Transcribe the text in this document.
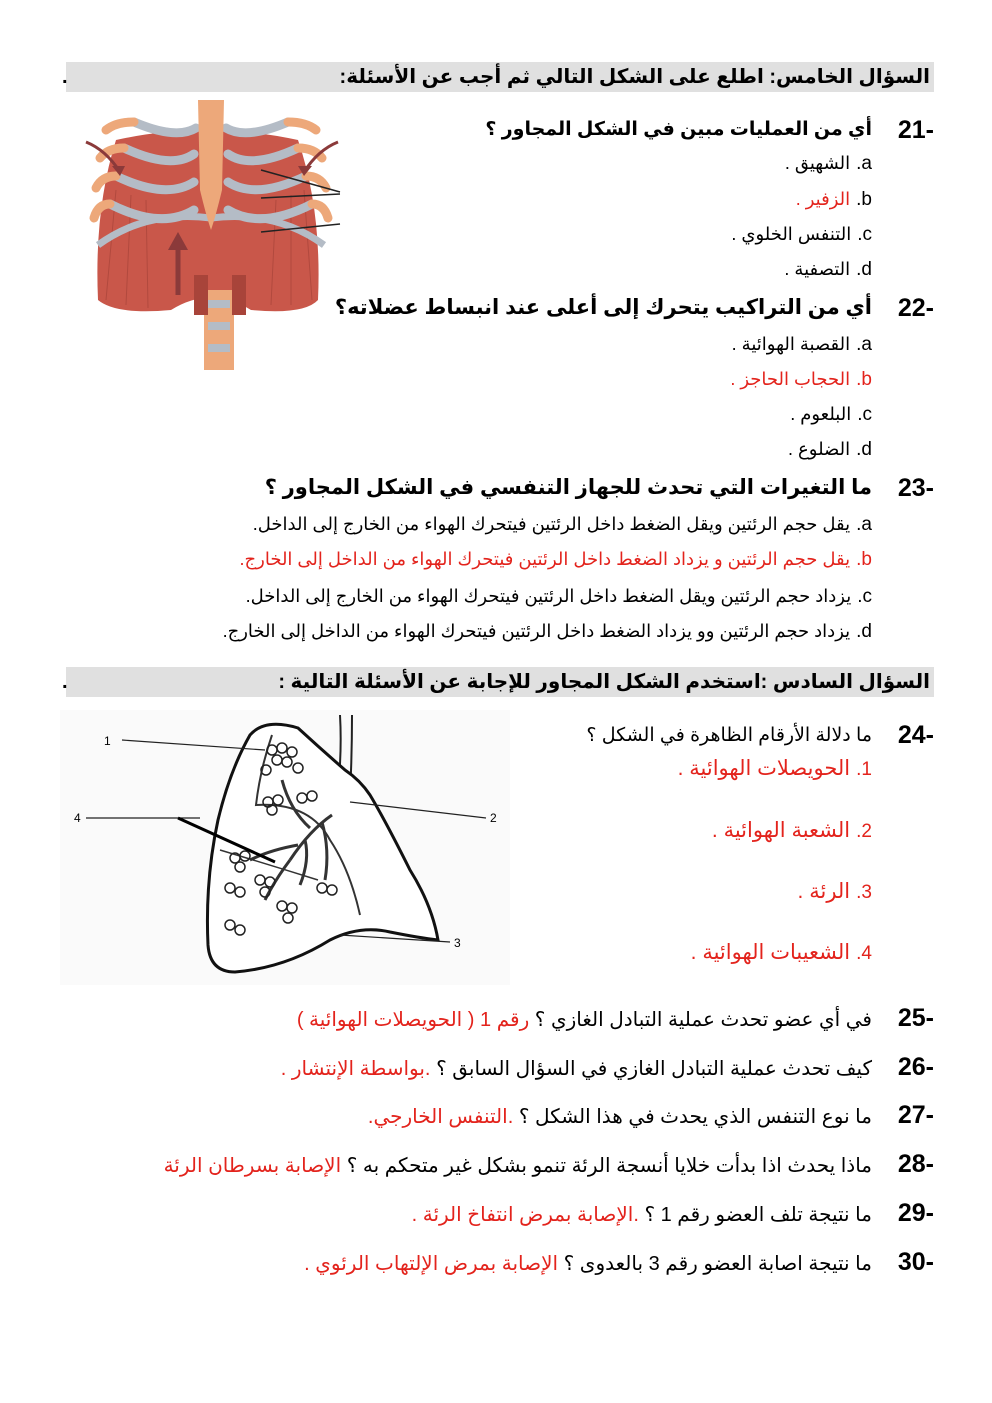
السؤال الخامس: اطلع على الشكل التالي ثم أجب عن الأسئلة:
.
21-
أي من العمليات مبين في الشكل المجاور ؟
a.الشهيق .
b.الزفير .
c.التنفس الخلوي .
d.التصفية .
22-
أي من التراكيب يتحرك إلى أعلى عند انبساط عضلاته؟
a.القصبة الهوائية .
b.الحجاب الحاجز .
c.البلعوم .
d.الضلوع .
23-
ما التغيرات التي تحدث للجهاز التنفسي في الشكل المجاور ؟
a.يقل حجم الرئتين ويقل الضغط داخل الرئتين فيتحرك الهواء من الخارج إلى الداخل.
b.يقل حجم الرئتين و يزداد الضغط داخل الرئتين فيتحرك الهواء من الداخل إلى الخارج.
c.يزداد حجم الرئتين ويقل الضغط داخل الرئتين فيتحرك الهواء من الخارج إلى الداخل.
d.يزداد حجم الرئتين وو يزداد الضغط داخل الرئتين فيتحرك الهواء من الداخل إلى الخارج.
السؤال السادس :استخدم الشكل المجاور للإجابة عن الأسئلة التالية :
.
1
2
3
4
24-
ما دلالة الأرقام الظاهرة في الشكل ؟
1.الحويصلات الهوائية .
2.الشعبة الهوائية .
3.الرئة .
4.الشعيبات الهوائية .
25-
في أي عضو تحدث عملية التبادل الغازي ؟ رقم 1 ( الحويصلات الهوائية )
26-
كيف تحدث عملية التبادل الغازي في السؤال السابق ؟ .بواسطة الإنتشار .
27-
ما نوع التنفس الذي يحدث في هذا الشكل ؟ .التنفس الخارجي.
28-
ماذا يحدث اذا بدأت خلايا أنسجة الرئة تنمو بشكل غير متحكم به ؟ الإصابة بسرطان الرئة
29-
ما نتيجة تلف العضو رقم 1 ؟ .الإصابة بمرض انتفاخ الرئة .
30-
ما نتيجة اصابة العضو رقم 3 بالعدوى ؟ الإصابة بمرض الإلتهاب الرئوي .
